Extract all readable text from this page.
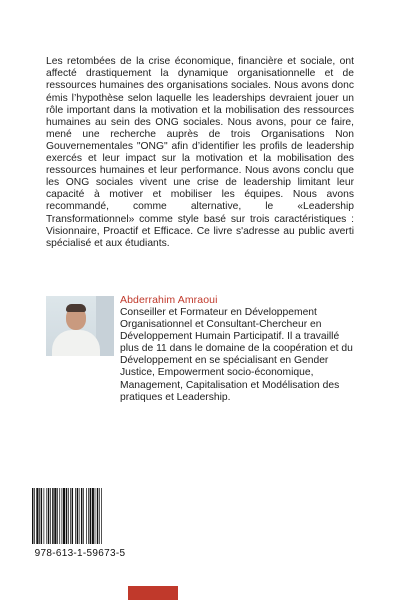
Les retombées de la crise économique, financière et sociale, ont affecté drastiquement la dynamique organisationnelle et de ressources humaines des organisations sociales. Nous avons donc émis l’hypothèse selon laquelle les leaderships devraient jouer un rôle important dans la motivation et la mobilisation des ressources humaines au sein des ONG sociales. Nous avons, pour ce faire, mené une recherche auprès de trois Organisations Non Gouvernementales "ONG" afin d’identifier les profils de leadership exercés et leur impact sur la motivation et la mobilisation des ressources humaines et leur performance. Nous avons conclu que les ONG sociales vivent une crise de leadership limitant leur capacité à motiver et mobiliser les équipes. Nous avons recommandé, comme alternative, le «Leadership Transformationnel» comme style basé sur trois caractéristiques : Visionnaire, Proactif et Efficace. Ce livre s'adresse au public averti spécialisé et aux étudiants.

Abderrahim Amraoui
Conseiller et Formateur en Développement Organisationnel et Consultant-Chercheur en Développement Humain Participatif. Il a travaillé plus de 11 dans le domaine de la coopération et du Développement en se spécialisant en Gender Justice, Empowerment socio-économique, Management, Capitalisation et Modélisation des pratiques et Leadership.
978-613-1-59673-5
